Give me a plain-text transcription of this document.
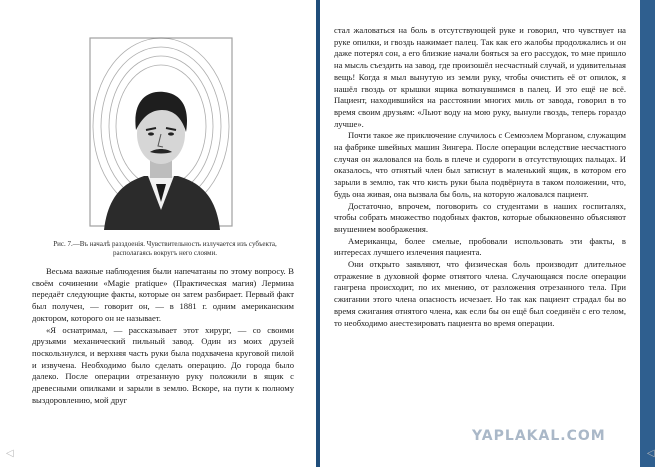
Рис. 7.—Въ началѣ разздоенія. Чувствительность излучается изъ субъекта, располагаясь вокругъ него слоями.

Весьма важные наблюдения были напечатаны по этому вопросу. В своём сочинении «Magie pratique» (Практическая магия) Лермина передаёт следующие факты, которые он затем разбирает. Первый факт был получен, — говорит он, — в 1881 г. одним американским доктором, которого он не называет.

«Я оснатримал, — рассказывает этот хирург, — со своими друзьями механический пильный завод. Один из моих друзей поскользнулся, и верхняя часть руки была подхвачена круговой пилой и извучена. Необходимо было сделать операцию. До города было далеко. После операции отрезанную руку положили в ящик с древесными опилками и зарыли в землю. Вскоре, на пути к полному выздоровлению, мой друг

◁

стал жаловаться на боль в отсутствующей руке и говорил, что чувствует на руке опилки, и гвоздь нажимает палец. Так как его жалобы продолжались и он даже потерял сон, а его близкие начали бояться за его рассудок, то мне пришло на мысль съездить на завод, где произошёл несчастный случай, и удивительная вещь! Когда я мыл вынутую из земли руку, чтобы очистить её от опилок, я нашёл гвоздь от крышки ящика воткнувшимся в палец. И это ещё не всё. Пациент, находившийся на расстоянии многих миль от завода, говорил в то время своим друзьям: «Льют воду на мою руку, вынули гвоздь, теперь гораздо лучше».

Почти такое же приключение случилось с Семюэлем Морганом, служащим на фабрике швейных машин Зингера. После операции вследствие несчастного случая он жаловался на боль в плече и судороги в отсутствующих пальцах. И оказалось, что отнятый член был затиснут в маленький ящик, в котором его зарыли в землю, так что кисть руки была подвёрнута в таком положении, что, будь она живая, она вызвала бы боль, на которую жаловался пациент.

Достаточно, впрочем, поговорить со студентами в наших госпиталях, чтобы собрать множество подобных фактов, которые обыкновенно объясняют внушением воображения.

Американцы, более смелые, пробовали использовать эти факты, в интересах лучшего излечения пациента.

Они открыто заявляют, что физическая боль производит длительное отражение в духовной форме отнятого члена. Случающаяся после операции гангрена происходит, по их мнению, от разложения отрезанного тела. При сжигании этого члена опасность исчезает. Но так как пациент страдал бы во время сжигания отнятого члена, как если бы он ещё был соединён с его телом, то необходимо анестезировать пациента во время операции.

◁
YAPLAKAL.COM
